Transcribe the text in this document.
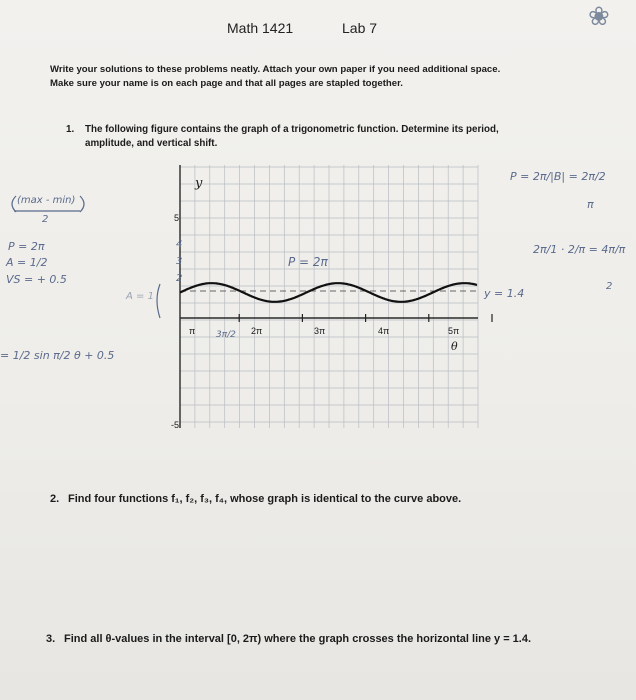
Math 1421	Lab 7	❀
Write your solutions to these problems neatly. Attach your own paper if you need additional space.
Make sure your name is on each page and that all pages are stapled together.
1. The following figure contains the graph of a trigonometric function. Determine its period,
amplitude, and vertical shift.
y
5
-5
π	2π	3π	4π	5π
θ
(max - min)
2
P = 2π
A = 1/2
VS = + 0.5
A = 1
= 1/2 sin π/2 θ + 0.5
P = 2π
y = 1.4
3π/2
4
3
2
P = 2π/|B| = 2π/2
π
2π/1 · 2/π = 4π/π
2
2. Find four functions f₁, f₂, f₃, f₄, whose graph is identical to the curve above.
3. Find all θ-values in the interval [0, 2π) where the graph crosses the horizontal line y = 1.4.
